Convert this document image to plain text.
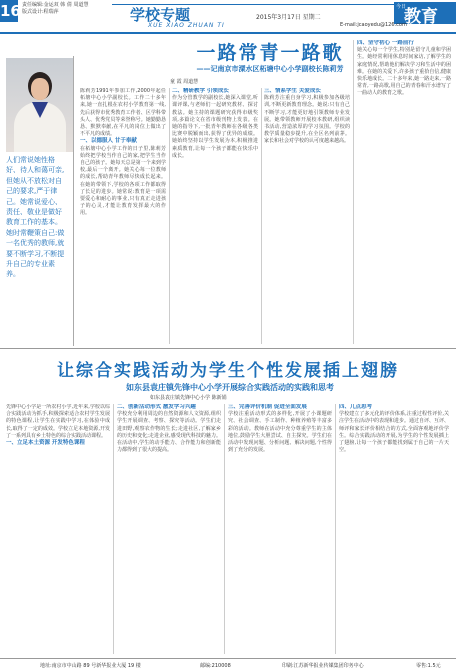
16 责任编辑:金运双 韩 倩 周道慧
版式设计:程瑞萍	学校专题
XUE XIAO ZHUAN TI
2015年3月17日 星期二
今日
教育
E-mail:jcaoyedu@126.com
一路常青一路歌
——记南京市溧水区柘塘中心小学副校长陈莉芳
童 霞 周道慧
人们常说她性格好、待人和蔼可亲,但她从不放松对自己的要求,严于律己。她常说爱心、责任、敬业是做好教育工作的基本。她时常鞭策自己:做一名优秀的教师,就要不断学习,不断提升自己的专业素养。
陈莉芳1991年参加工作,2000年起任柘塘中心小学副校长。工作二十多年来,她一直扎根在农村小学教育第一线,先后获得市优秀教育工作者、区学科带头人、优秀党员等荣誉称号。她勤勤恳恳、默默奉献,在平凡的岗位上做出了不平凡的成绩。
一、以德服人 甘于奉献
在柘塘中心小学工作的日子里,陈莉芳始终把学校当作自己的家,把学生当作自己的孩子。她每天总是第一个来到学校,最后一个离开。她关心每一位教师的成长,帮助青年教师尽快成长起来。在她的带领下,学校的各项工作都取得了长足的进步。她常说:教育是一项需要爱心和耐心的事业,只有真正走进孩子的心灵,才能让教育发挥最大的作用。
二、精研教学 引领成长
作为分管教学的副校长,她深入课堂,听课评课,与老师们一起研究教材、探讨教法。她主持的课题研究获得市级奖项,多篇论文在省市级刊物上发表。在她的指导下,一批青年教师在各级各类比赛中脱颖而出,获得了优异的成绩。她始终坚持以学生发展为本,积极推进素质教育,让每一个孩子都能在快乐中成长。
三、情系学生 关爱成长
陈莉芳注重自身学习,积极参加各级培训,不断更新教育理念。她说:只有自己不断学习,才能更好地引领教师专业发展。她带领教师开展校本教研,组织读书活动,营造浓厚的学习氛围。学校的教学质量稳步提升,在全区名列前茅。家长和社会对学校的认可度越来越高。
四、坚守初心 一路前行
她关心每一个学生,特别是留守儿童和学困生。她经常利用休息时间家访,了解学生的家庭情况,帮助他们解决学习和生活中的困难。在她的关爱下,许多孩子重拾自信,健康快乐地成长。二十多年来,她一路走来,一路常青,一路高歌,用自己的青春和汗水谱写了一曲动人的教育之歌。
让综合实践活动为学生个性发展插上翅膀
如东县袁庄镇先锋中心小学开展综合实践活动的实践和思考
如东县袁庄镇先锋中心小学 陈新娟
先锋中心小学是一所农村小学,近年来,学校以综合实践活动为抓手,积极探索适合农村学生发展的特色课程,让学生在实践中学习,在体验中成长,取得了一定的成效。学校立足本地资源,开发了一系列具有乡土特色的综合实践活动课程。
一、立足本土资源 开发特色课程
二、创新活动形式 激发学习兴趣
学校充分利用周边的自然资源和人文资源,组织学生开展调查、考察、探究等活动。学生们走进田野,观察农作物的生长;走进社区,了解家乡的历史和变化;走进企业,感受现代科技的魅力。在活动中,学生的动手能力、合作能力和创新能力都得到了很大的提高。
三、完善评价机制 促进全面发展
学校注重活动形式的多样化,开展了小课题研究、社会调查、手工制作、种植养殖等丰富多彩的活动。教师在活动中充分尊重学生的主体地位,鼓励学生大胆尝试、自主探究。学生们在活动中发现问题、分析问题、解决问题,个性得到了充分的发展。
四、几点思考
学校建立了多元化的评价体系,注重过程性评价,关注学生在活动中的表现和进步。通过自评、互评、师评和家长评价相结合的方式,全面客观地评价学生。综合实践活动的开展,为学生的个性发展插上了翅膀,让每一个孩子都能找到属于自己的一片天空。
地址:南京市中山路 89 号新华报业大厦 19 楼	邮编:210008	印刷:江苏新华报业传媒集团印务中心	零售:1.5元
